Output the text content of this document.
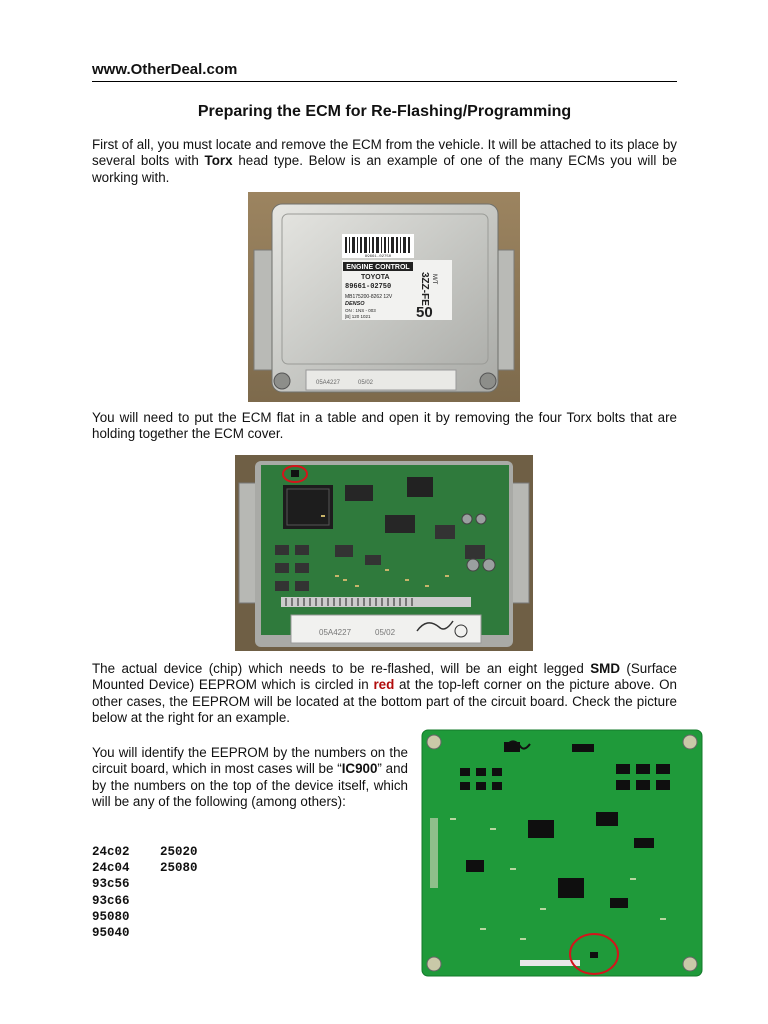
www.OtherDeal.com
Preparing the ECM for Re-Flashing/Programming

First of all, you must locate and remove the ECM from the vehicle. It will be attached to its place by several bolts with Torx head type. Below is an example of one of the many ECMs you will be working with.

89661-02750
ENGINE CONTROL
TOYOTA
89661-02750
MB175200-8262 12V
DENSO
ON : 1NS - 003
[B] 120 1021
3ZZ-FE M/T
50
05A4227	05/02

You will need to put the ECM flat in a table and open it by removing the four Torx bolts that are holding together the ECM cover.

05A4227	05/02

The actual device (chip) which needs to be re-flashed, will be an eight legged SMD (Surface Mounted Device) EEPROM which is circled in red at the top-left corner on the picture above. On other cases, the EEPROM will be located at the bottom part of the circuit board. Check the picture below at the right for an example.

You will identify the EEPROM by the numbers on the circuit board, which in most cases will be “IC900” and by the numbers on the top of the device itself, which will be any of the following (among others):

24c02	25020
24c04	25080
93c56
93c66
95080
95040
